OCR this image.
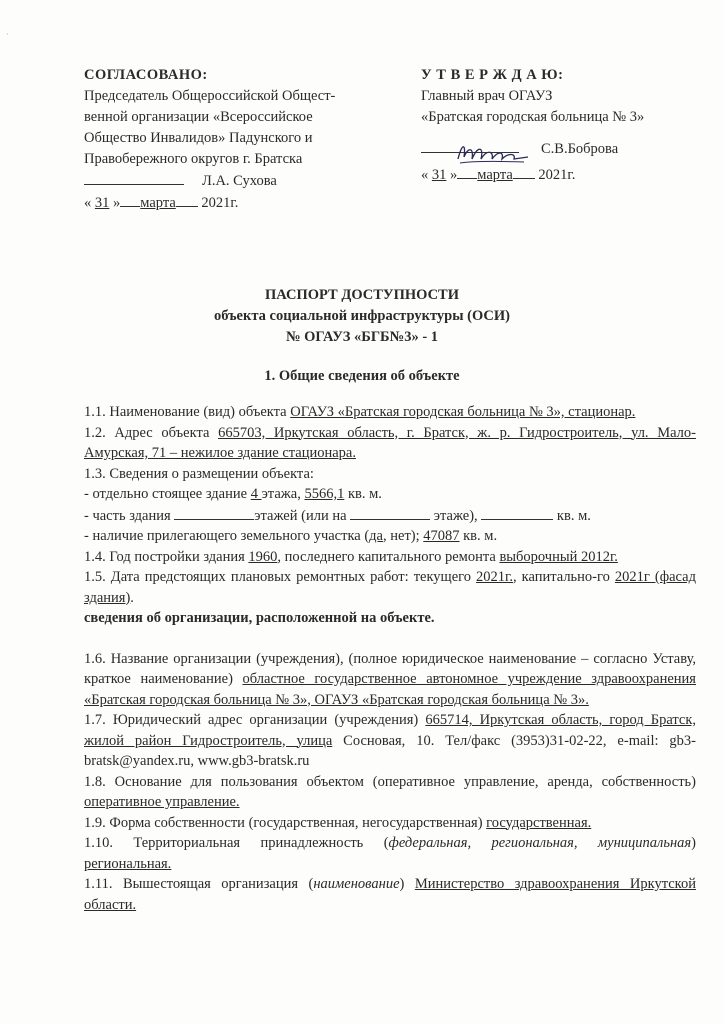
·
СОГЛАСОВАНО:
Председатель Общероссийской Общест-
венной организации «Всероссийское
Общество Инвалидов» Падунского и
Правобережного округов г. Братска
Л.А. Сухова
« 31 » марта 2021г.
У Т В Е Р Ж Д А Ю:
Главный врач ОГАУЗ
«Братская городская больница № 3»
С.В.Боброва
« 31 » марта 2021г.
ПАСПОРТ ДОСТУПНОСТИ
объекта социальной инфраструктуры (ОСИ)
№ ОГАУЗ «БГБ№3» - 1
1. Общие сведения об объекте

1.1. Наименование (вид) объекта ОГАУЗ «Братская городская больница № 3», стационар.

1.2. Адрес объекта 665703, Иркутская область, г. Братск, ж. р. Гидростроитель, ул. Мало-Амурская, 71 – нежилое здание стационара.

1.3. Сведения о размещении объекта:

- отдельно стоящее здание 4 этажа, 5566,1 кв. м.

- часть здания	этажей (или на	этаже),	кв. м.

- наличие прилегающего земельного участка (да, нет); 47087 кв. м.

1.4. Год постройки здания 1960, последнего капитального ремонта выборочный 2012г.

1.5. Дата предстоящих плановых ремонтных работ: текущего 2021г., капитально-го 2021г (фасад здания).

сведения об организации, расположенной на объекте.

1.6. Название организации (учреждения), (полное юридическое наименование – согласно Уставу, краткое наименование) областное государственное автономное учреждение здравоохранения «Братская городская больница № 3», ОГАУЗ «Братская городская больница № 3».

1.7. Юридический адрес организации (учреждения) 665714, Иркутская область, город Братск, жилой район Гидростроитель, улица Сосновая, 10. Тел/факс (3953)31-02-22, e-mail: gb3-bratsk@yandex.ru, www.gb3-bratsk.ru

1.8. Основание для пользования объектом (оперативное управление, аренда, собственность) оперативное управление.

1.9. Форма собственности (государственная, негосударственная) государственная.

1.10. Территориальная принадлежность (федеральная, региональная, муниципальная) региональная.

1.11. Вышестоящая организация (наименование) Министерство здравоохранения Иркутской области.
